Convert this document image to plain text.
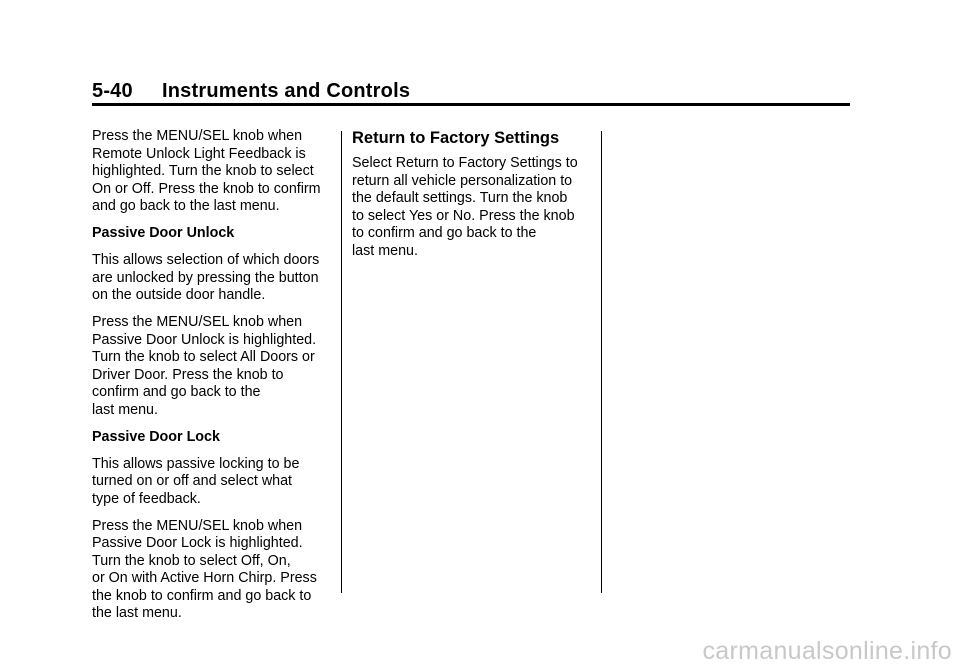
5-40 Instruments and Controls

Press the MENU/SEL knob when
Remote Unlock Light Feedback is
highlighted. Turn the knob to select
On or Off. Press the knob to confirm
and go back to the last menu.

Passive Door Unlock

This allows selection of which doors
are unlocked by pressing the button
on the outside door handle.

Press the MENU/SEL knob when
Passive Door Unlock is highlighted.
Turn the knob to select All Doors or
Driver Door. Press the knob to
confirm and go back to the
last menu.

Passive Door Lock

This allows passive locking to be
turned on or off and select what
type of feedback.

Press the MENU/SEL knob when
Passive Door Lock is highlighted.
Turn the knob to select Off, On,
or On with Active Horn Chirp. Press
the knob to confirm and go back to
the last menu.

Return to Factory Settings

Select Return to Factory Settings to
return all vehicle personalization to
the default settings. Turn the knob
to select Yes or No. Press the knob
to confirm and go back to the
last menu.

carmanualsonline.info
